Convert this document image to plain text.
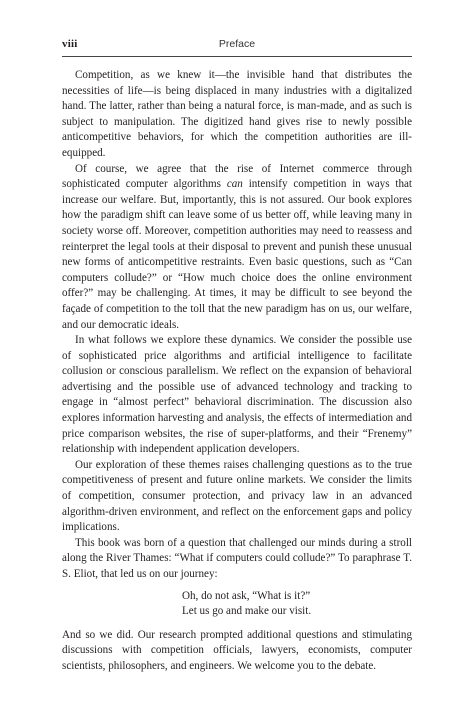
viii	Preface

Competition, as we knew it—the invisible hand that distributes the necessities of life—is being displaced in many industries with a digitalized hand. The latter, rather than being a natural force, is man-made, and as such is subject to manipulation. The digitized hand gives rise to newly possible anticompetitive behaviors, for which the competition authorities are ill-equipped.

Of course, we agree that the rise of Internet commerce through sophisticated computer algorithms can intensify competition in ways that increase our welfare. But, importantly, this is not assured. Our book explores how the paradigm shift can leave some of us better off, while leaving many in society worse off. Moreover, competition authorities may need to reassess and reinterpret the legal tools at their disposal to prevent and punish these unusual new forms of anticompetitive restraints. Even basic questions, such as “Can computers collude?” or “How much choice does the online environment offer?” may be challenging. At times, it may be difficult to see beyond the façade of competition to the toll that the new paradigm has on us, our welfare, and our democratic ideals.

In what follows we explore these dynamics. We consider the possible use of sophisticated price algorithms and artificial intelligence to facilitate collusion or conscious parallelism. We reflect on the expansion of behavioral advertising and the possible use of advanced technology and tracking to engage in “almost perfect” behavioral discrimination. The discussion also explores information harvesting and analysis, the effects of intermediation and price comparison websites, the rise of super-platforms, and their “Frenemy” relationship with independent application developers.

Our exploration of these themes raises challenging questions as to the true competitiveness of present and future online markets. We consider the limits of competition, consumer protection, and privacy law in an advanced algorithm-driven environment, and reflect on the enforcement gaps and policy implications.

This book was born of a question that challenged our minds during a stroll along the River Thames: “What if computers could collude?” To paraphrase T. S. Eliot, that led us on our journey:

Oh, do not ask, “What is it?”
Let us go and make our visit.

And so we did. Our research prompted additional questions and stimulating discussions with competition officials, lawyers, economists, computer scientists, philosophers, and engineers. We welcome you to the debate.
